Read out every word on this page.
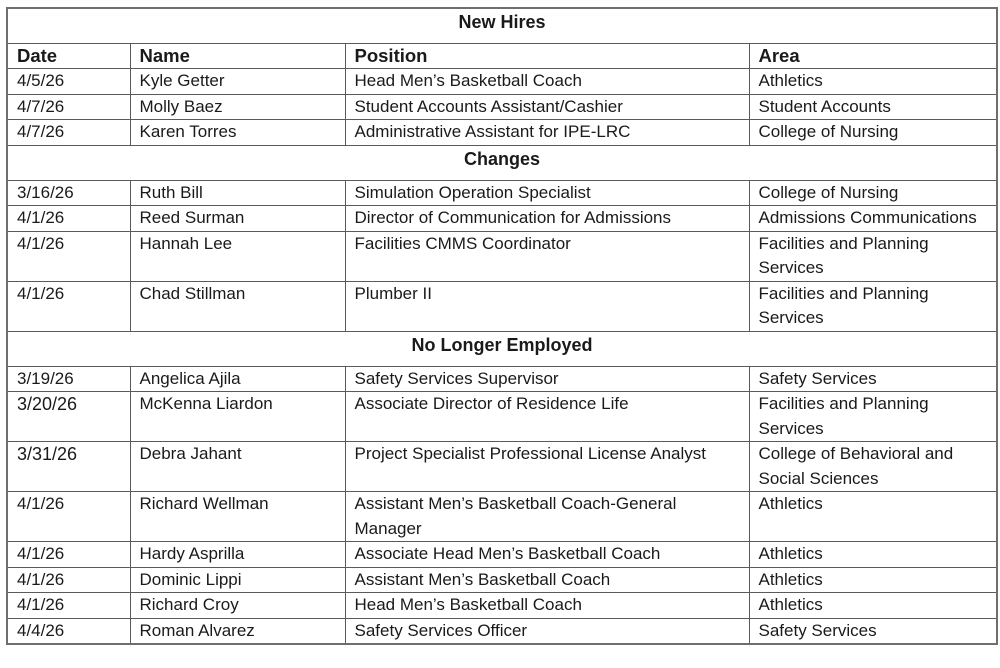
New Hires			
Date	Name	Position	Area
4/5/26	Kyle Getter	Head Men’s Basketball Coach	Athletics
4/7/26	Molly Baez	Student Accounts Assistant/Cashier	Student Accounts
4/7/26	Karen Torres	Administrative Assistant for IPE-LRC	College of Nursing
Changes			
3/16/26	Ruth Bill	Simulation Operation Specialist	College of Nursing
4/1/26	Reed Surman	Director of Communication for Admissions	Admissions Communications
4/1/26	Hannah Lee	Facilities CMMS Coordinator	Facilities and Planning Services
4/1/26	Chad Stillman	Plumber II	Facilities and Planning Services
No Longer Employed			
3/19/26	Angelica Ajila	Safety Services Supervisor	Safety Services
3/20/26	McKenna Liardon	Associate Director of Residence Life	Facilities and Planning Services
3/31/26	Debra Jahant	Project Specialist Professional License Analyst	College of Behavioral and Social Sciences
4/1/26	Richard Wellman	Assistant Men’s Basketball Coach-General Manager	Athletics
4/1/26	Hardy Asprilla	Associate Head Men’s Basketball Coach	Athletics
4/1/26	Dominic Lippi	Assistant Men’s Basketball Coach	Athletics
4/1/26	Richard Croy	Head Men’s Basketball Coach	Athletics
4/4/26	Roman Alvarez	Safety Services Officer	Safety Services
